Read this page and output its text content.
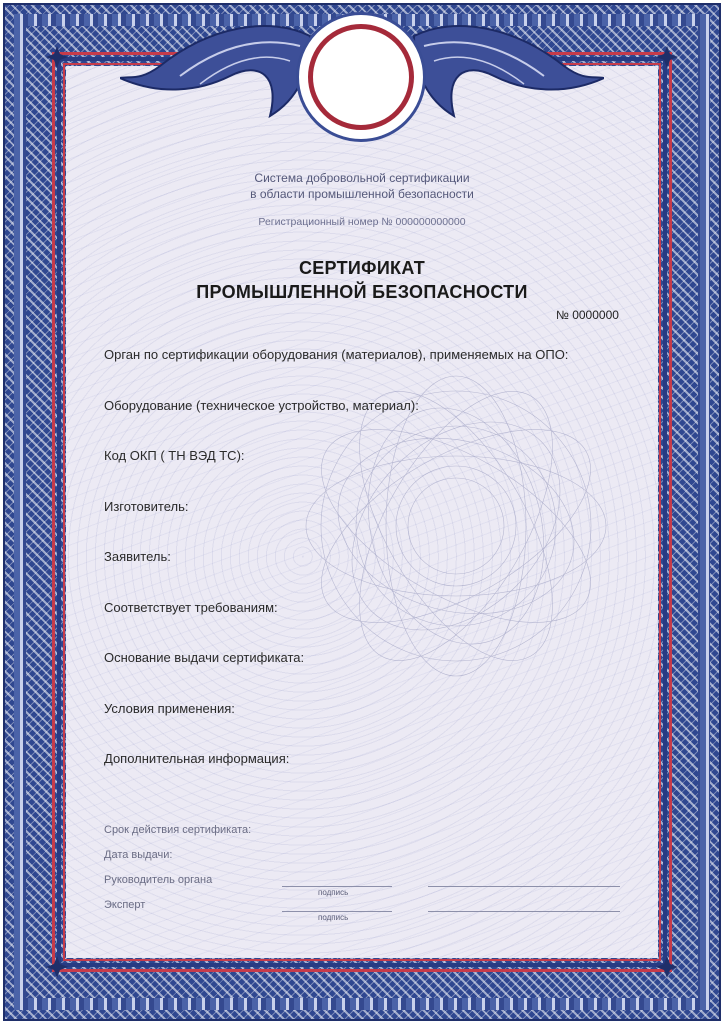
Система добровольной сертификации
в области промышленной безопасности
Регистрационный номер № 000000000000
СЕРТИФИКАТ
ПРОМЫШЛЕННОЙ БЕЗОПАСНОСТИ
№ 0000000
Орган по сертификации оборудования (материалов), применяемых на ОПО:
Оборудование (техническое устройство, материал):
Код ОКП ( ТН ВЭД ТС):
Изготовитель:
Заявитель:
Соответствует требованиям:
Основание выдачи сертификата:
Условия применения:
Дополнительная информация:
Срок действия сертификата:
Дата выдачи:
Руководитель органа
Эксперт
подпись
подпись
